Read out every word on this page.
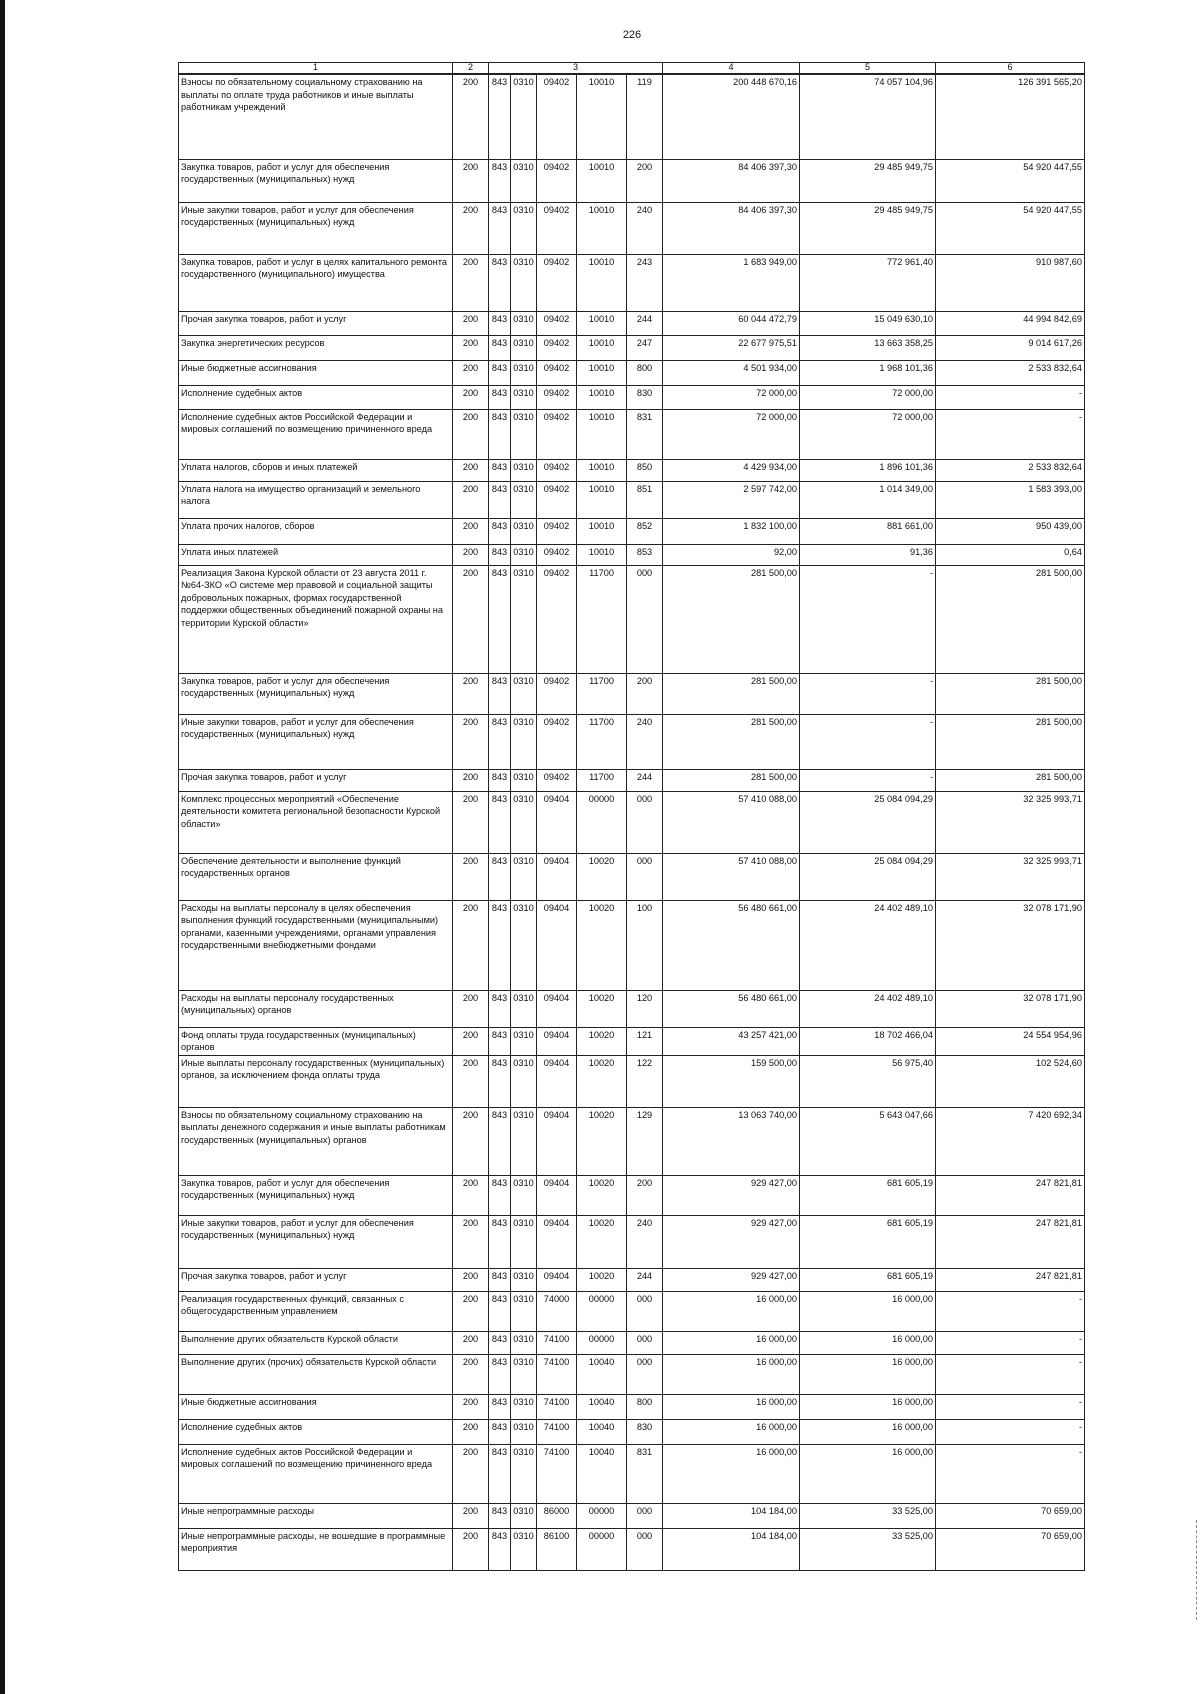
226
1	2	3					4	5	6
Взносы по обязательному социальному страхованию на выплаты по оплате труда работников и иные выплаты работникам учреждений	200	843	0310	09402	10010	119	200 448 670,16	74 057 104,96	126 391 565,20
Закупка товаров, работ и услуг для обеспечения государственных (муниципальных) нужд	200	843	0310	09402	10010	200	84 406 397,30	29 485 949,75	54 920 447,55
Иные закупки товаров, работ и услуг для обеспечения государственных (муниципальных) нужд	200	843	0310	09402	10010	240	84 406 397,30	29 485 949,75	54 920 447,55
Закупка товаров, работ и услуг в целях капитального ремонта государственного (муниципального) имущества	200	843	0310	09402	10010	243	1 683 949,00	772 961,40	910 987,60
Прочая закупка товаров, работ и услуг	200	843	0310	09402	10010	244	60 044 472,79	15 049 630,10	44 994 842,69
Закупка энергетических ресурсов	200	843	0310	09402	10010	247	22 677 975,51	13 663 358,25	9 014 617,26
Иные бюджетные ассигнования	200	843	0310	09402	10010	800	4 501 934,00	1 968 101,36	2 533 832,64
Исполнение судебных актов	200	843	0310	09402	10010	830	72 000,00	72 000,00	-
Исполнение судебных актов Российской Федерации и мировых соглашений по возмещению причиненного вреда	200	843	0310	09402	10010	831	72 000,00	72 000,00	-
Уплата налогов, сборов и иных платежей	200	843	0310	09402	10010	850	4 429 934,00	1 896 101,36	2 533 832,64
Уплата налога на имущество организаций и земельного налога	200	843	0310	09402	10010	851	2 597 742,00	1 014 349,00	1 583 393,00
Уплата прочих налогов, сборов	200	843	0310	09402	10010	852	1 832 100,00	881 661,00	950 439,00
Уплата иных платежей	200	843	0310	09402	10010	853	92,00	91,36	0,64
Реализация Закона Курской области от 23 августа 2011 г. №64-ЗКО «О системе мер правовой и социальной защиты добровольных пожарных, формах государственной поддержки общественных объединений пожарной охраны на территории Курской области»	200	843	0310	09402	11700	000	281 500,00	-	281 500,00
Закупка товаров, работ и услуг для обеспечения государственных (муниципальных) нужд	200	843	0310	09402	11700	200	281 500,00	-	281 500,00
Иные закупки товаров, работ и услуг для обеспечения государственных (муниципальных) нужд	200	843	0310	09402	11700	240	281 500,00	-	281 500,00
Прочая закупка товаров, работ и услуг	200	843	0310	09402	11700	244	281 500,00	-	281 500,00
Комплекс процессных мероприятий «Обеспечение деятельности комитета региональной безопасности Курской области»	200	843	0310	09404	00000	000	57 410 088,00	25 084 094,29	32 325 993,71
Обеспечение деятельности и выполнение функций государственных органов	200	843	0310	09404	10020	000	57 410 088,00	25 084 094,29	32 325 993,71
Расходы на выплаты персоналу в целях обеспечения выполнения функций государственными (муниципальными) органами, казенными учреждениями, органами управления государственными внебюджетными фондами	200	843	0310	09404	10020	100	56 480 661,00	24 402 489,10	32 078 171,90
Расходы на выплаты персоналу государственных (муниципальных) органов	200	843	0310	09404	10020	120	56 480 661,00	24 402 489,10	32 078 171,90
Фонд оплаты труда государственных (муниципальных) органов	200	843	0310	09404	10020	121	43 257 421,00	18 702 466,04	24 554 954,96
Иные выплаты персоналу государственных (муниципальных) органов, за исключением фонда оплаты труда	200	843	0310	09404	10020	122	159 500,00	56 975,40	102 524,60
Взносы по обязательному социальному страхованию на выплаты денежного содержания и иные выплаты работникам государственных (муниципальных) органов	200	843	0310	09404	10020	129	13 063 740,00	5 643 047,66	7 420 692,34
Закупка товаров, работ и услуг для обеспечения государственных (муниципальных) нужд	200	843	0310	09404	10020	200	929 427,00	681 605,19	247 821,81
Иные закупки товаров, работ и услуг для обеспечения государственных (муниципальных) нужд	200	843	0310	09404	10020	240	929 427,00	681 605,19	247 821,81
Прочая закупка товаров, работ и услуг	200	843	0310	09404	10020	244	929 427,00	681 605,19	247 821,81
Реализация государственных функций, связанных с общегосударственным управлением	200	843	0310	74000	00000	000	16 000,00	16 000,00	-
Выполнение других обязательств Курской области	200	843	0310	74100	00000	000	16 000,00	16 000,00	-
Выполнение других (прочих) обязательств Курской области	200	843	0310	74100	10040	000	16 000,00	16 000,00	-
Иные бюджетные ассигнования	200	843	0310	74100	10040	800	16 000,00	16 000,00	-
Исполнение судебных актов	200	843	0310	74100	10040	830	16 000,00	16 000,00	-
Исполнение судебных актов Российской Федерации и мировых соглашений по возмещению причиненного вреда	200	843	0310	74100	10040	831	16 000,00	16 000,00	-
Иные непрограммные расходы	200	843	0310	86000	00000	000	104 184,00	33 525,00	70 659,00
Иные непрограммные расходы, не вошедшие в программные мероприятия	200	843	0310	86100	00000	000	104 184,00	33 525,00	70 659,00
